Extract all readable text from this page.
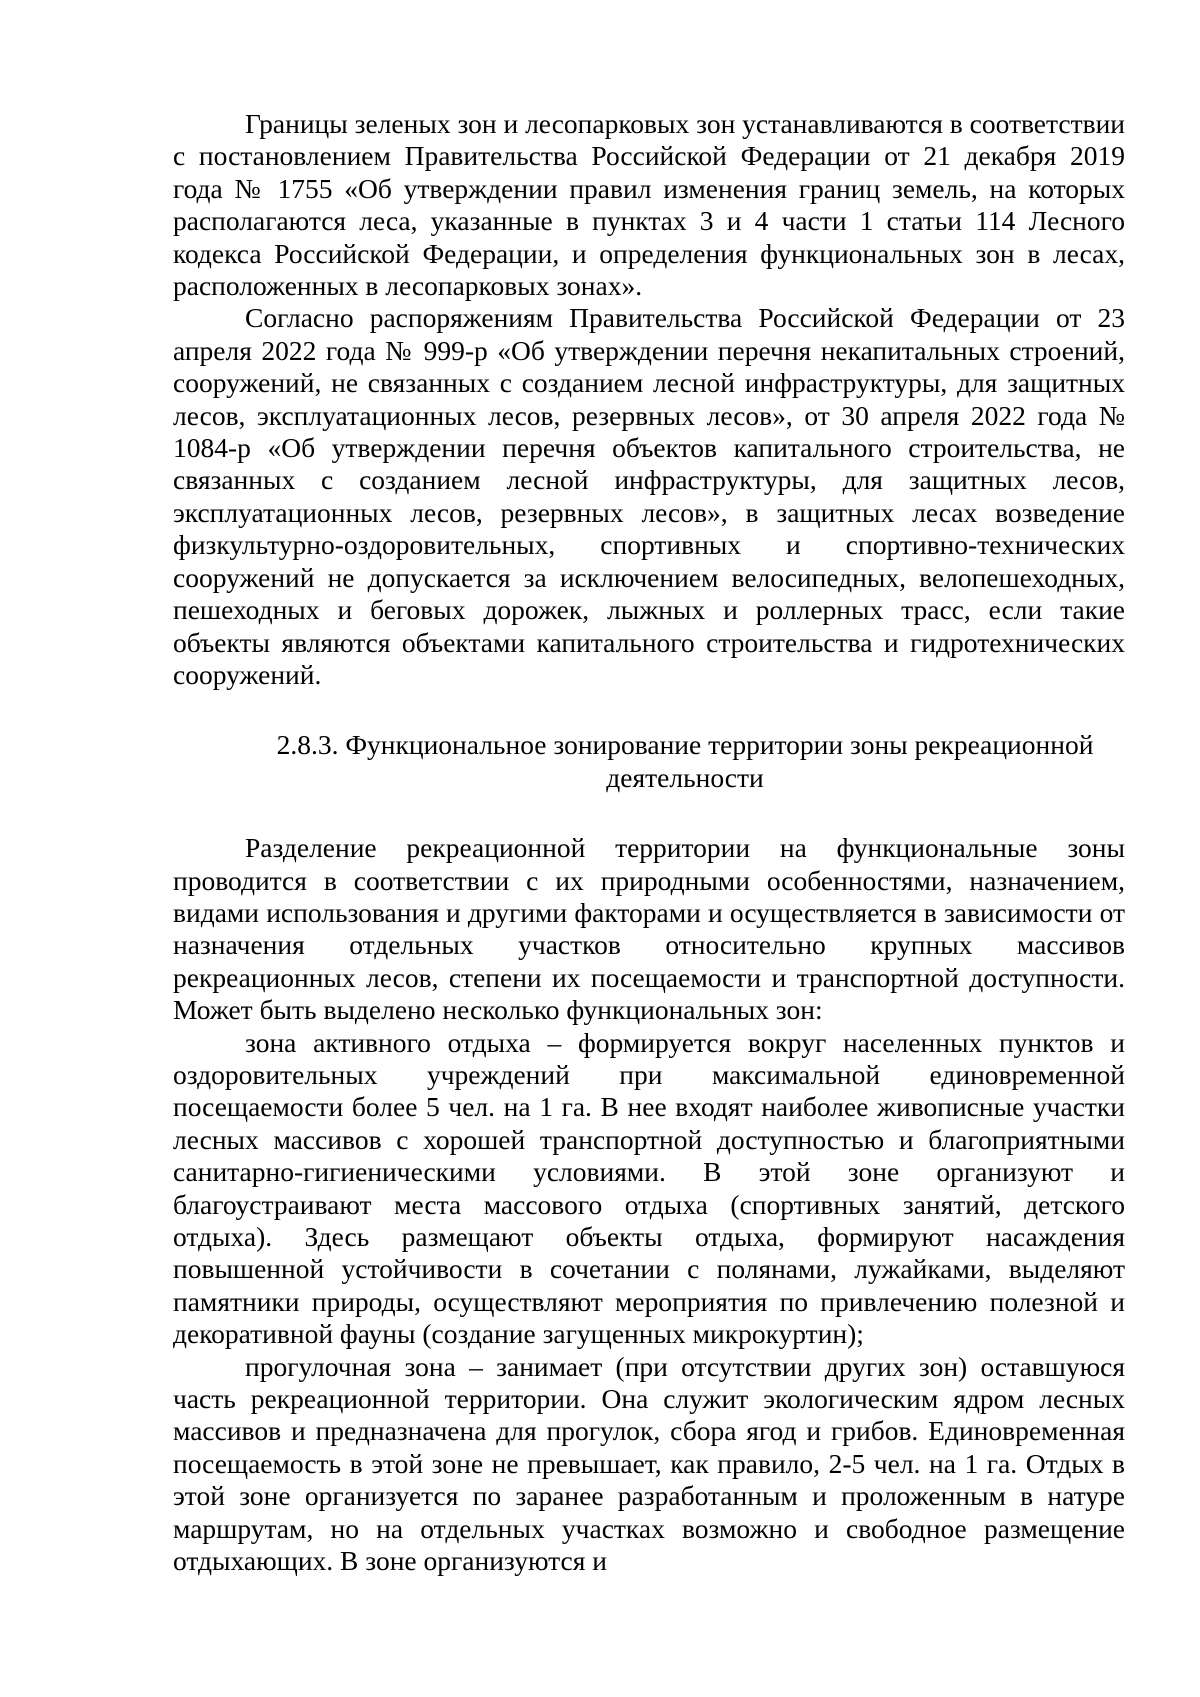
Границы зеленых зон и лесопарковых зон устанавливаются в соответствии с постановлением Правительства Российской Федерации от 21 декабря 2019 года № 1755 «Об утверждении правил изменения границ земель, на которых располагаются леса, указанные в пунктах 3 и 4 части 1 статьи 114 Лесного кодекса Российской Федерации, и определения функциональных зон в лесах, расположенных в лесопарковых зонах».

Согласно распоряжениям Правительства Российской Федерации от 23 апреля 2022 года № 999-р «Об утверждении перечня некапитальных строений, сооружений, не связанных с созданием лесной инфраструктуры, для защитных лесов, эксплуатационных лесов, резервных лесов», от 30 апреля 2022 года № 1084-р «Об утверждении перечня объектов капитального строительства, не связанных с созданием лесной инфраструктуры, для защитных лесов, эксплуатационных лесов, резервных лесов», в защитных лесах возведение физкультурно-оздоровительных, спортивных и спортивно-технических сооружений не допускается за исключением велосипедных, велопешеходных, пешеходных и беговых дорожек, лыжных и роллерных трасс, если такие объекты являются объектами капитального строительства и гидротехнических сооружений.

2.8.3. Функциональное зонирование территории зоны рекреационной деятельности

Разделение рекреационной территории на функциональные зоны проводится в соответствии с их природными особенностями, назначением, видами использования и другими факторами и осуществляется в зависимости от назначения отдельных участков относительно крупных массивов рекреационных лесов, степени их посещаемости и транспортной доступности. Может быть выделено несколько функциональных зон:

зона активного отдыха – формируется вокруг населенных пунктов и оздоровительных учреждений при максимальной единовременной посещаемости более 5 чел. на 1 га. В нее входят наиболее живописные участки лесных массивов с хорошей транспортной доступностью и благоприятными санитарно-гигиеническими условиями. В этой зоне организуют и благоустраивают места массового отдыха (спортивных занятий, детского отдыха). Здесь размещают объекты отдыха, формируют насаждения повышенной устойчивости в сочетании с полянами, лужайками, выделяют памятники природы, осуществляют мероприятия по привлечению полезной и декоративной фауны (создание загущенных микрокуртин);

прогулочная зона – занимает (при отсутствии других зон) оставшуюся часть рекреационной территории. Она служит экологическим ядром лесных массивов и предназначена для прогулок, сбора ягод и грибов. Единовременная посещаемость в этой зоне не превышает, как правило, 2-5 чел. на 1 га. Отдых в этой зоне организуется по заранее разработанным и проложенным в натуре маршрутам, но на отдельных участках возможно и свободное размещение отдыхающих. В зоне организуются и
